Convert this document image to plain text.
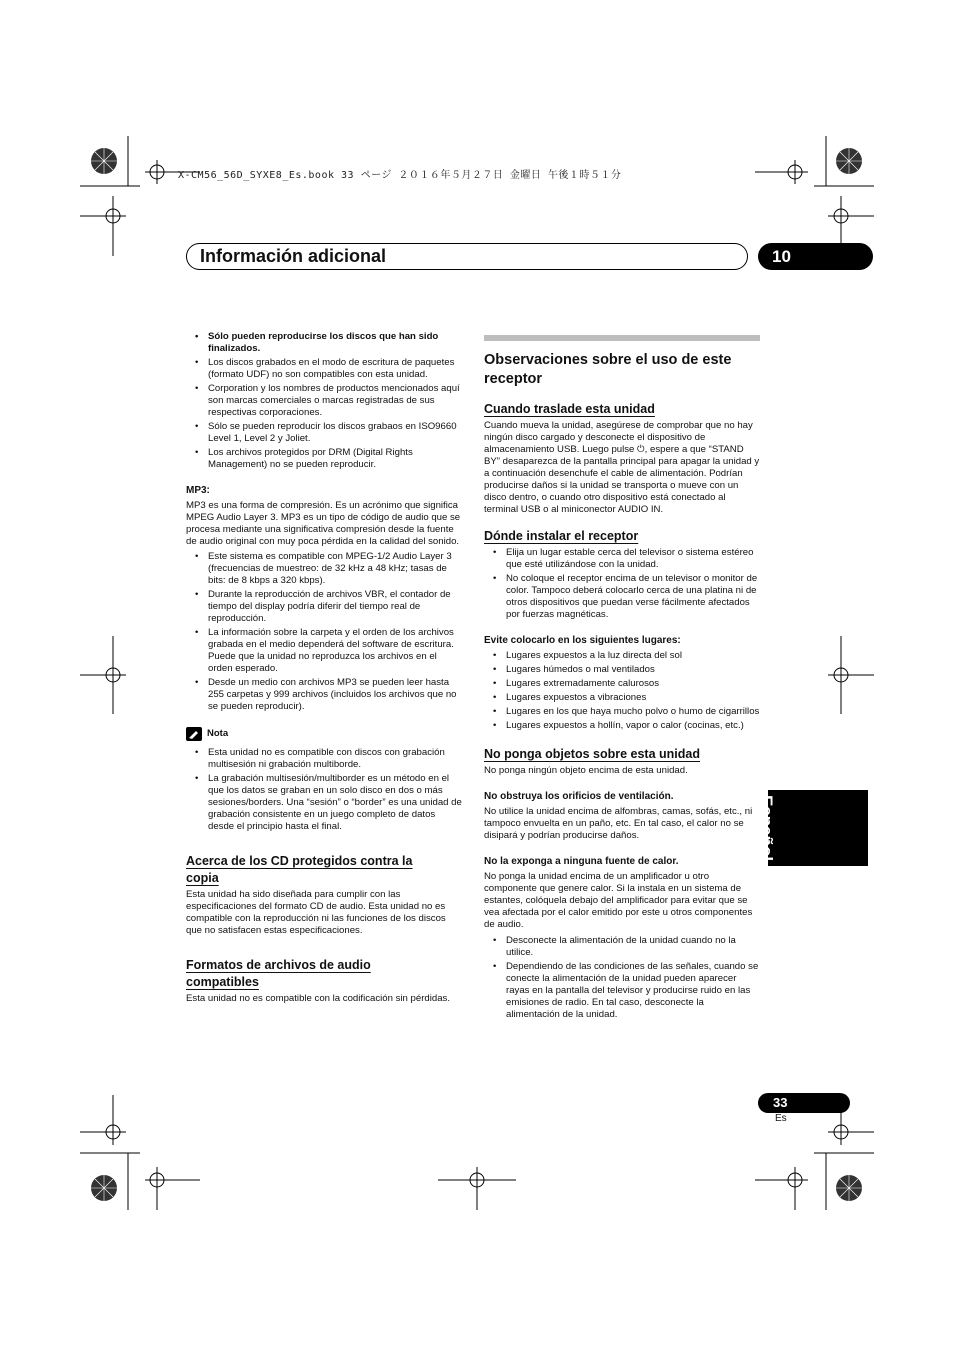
X-CM56_56D_SYXE8_Es.book 33 ページ ２０１６年５月２７日 金曜日 午後１時５１分
Información adicional	10
Español
33
Es
• Sólo pueden reproducirse los discos que han sido finalizados.
• Los discos grabados en el modo de escritura de paquetes (formato UDF) no son compatibles con esta unidad.
• Corporation y los nombres de productos mencionados aquí son marcas comerciales o marcas registradas de sus respectivas corporaciones.
• Sólo se pueden reproducir los discos grabaos en ISO9660 Level 1, Level 2 y Joliet.
• Los archivos protegidos por DRM (Digital Rights Management) no se pueden reproducir.
MP3:

MP3 es una forma de compresión. Es un acrónimo que significa MPEG Audio Layer 3. MP3 es un tipo de código de audio que se procesa mediante una significativa compresión desde la fuente de audio original con muy poca pérdida en la calidad del sonido.

• Este sistema es compatible con MPEG-1/2 Audio Layer 3 (frecuencias de muestreo: de 32 kHz a 48 kHz; tasas de bits: de 8 kbps a 320 kbps).
• Durante la reproducción de archivos VBR, el contador de tiempo del display podría diferir del tiempo real de reproducción.
• La información sobre la carpeta y el orden de los archivos grabada en el medio dependerá del software de escritura. Puede que la unidad no reproduzca los archivos en el orden esperado.
• Desde un medio con archivos MP3 se pueden leer hasta 255 carpetas y 999 archivos (incluidos los archivos que no se pueden reproducir).
Nota
• Esta unidad no es compatible con discos con grabación multisesión ni grabación multiborde.
• La grabación multisesión/multiborder es un método en el que los datos se graban en un solo disco en dos o más sesiones/borders. Una “sesión” o “border” es una unidad de grabación consistente en un juego completo de datos desde el principio hasta el final.
Acerca de los CD protegidos contra la copia

Esta unidad ha sido diseñada para cumplir con las especificaciones del formato CD de audio. Esta unidad no es compatible con la reproducción ni las funciones de los discos que no satisfacen estas especificaciones.

Formatos de archivos de audio compatibles

Esta unidad no es compatible con la codificación sin pérdidas.

Observaciones sobre el uso de este receptor
Cuando traslade esta unidad

Cuando mueva la unidad, asegúrese de comprobar que no hay ningún disco cargado y desconecte el dispositivo de almacenamiento USB. Luego pulse ⏻, espere a que “STAND BY” desaparezca de la pantalla principal para apagar la unidad y a continuación desenchufe el cable de alimentación. Podrían producirse daños si la unidad se transporta o mueve con un disco dentro, o cuando otro dispositivo está conectado al terminal USB o al miniconector AUDIO IN.

Dónde instalar el receptor
• Elija un lugar estable cerca del televisor o sistema estéreo que esté utilizándose con la unidad.
• No coloque el receptor encima de un televisor o monitor de color. Tampoco deberá colocarlo cerca de una platina ni de otros dispositivos que puedan verse fácilmente afectados por fuerzas magnéticas.
Evite colocarlo en los siguientes lugares:
• Lugares expuestos a la luz directa del sol
• Lugares húmedos o mal ventilados
• Lugares extremadamente calurosos
• Lugares expuestos a vibraciones
• Lugares en los que haya mucho polvo o humo de cigarrillos
• Lugares expuestos a hollín, vapor o calor (cocinas, etc.)
No ponga objetos sobre esta unidad

No ponga ningún objeto encima de esta unidad.

No obstruya los orificios de ventilación.

No utilice la unidad encima de alfombras, camas, sofás, etc., ni tampoco envuelta en un paño, etc. En tal caso, el calor no se disipará y podrían producirse daños.

No la exponga a ninguna fuente de calor.

No ponga la unidad encima de un amplificador u otro componente que genere calor. Si la instala en un sistema de estantes, colóquela debajo del amplificador para evitar que se vea afectada por el calor emitido por este u otros componentes de audio.

• Desconecte la alimentación de la unidad cuando no la utilice.
• Dependiendo de las condiciones de las señales, cuando se conecte la alimentación de la unidad pueden aparecer rayas en la pantalla del televisor y producirse ruido en las emisiones de radio. En tal caso, desconecte la alimentación de la unidad.
